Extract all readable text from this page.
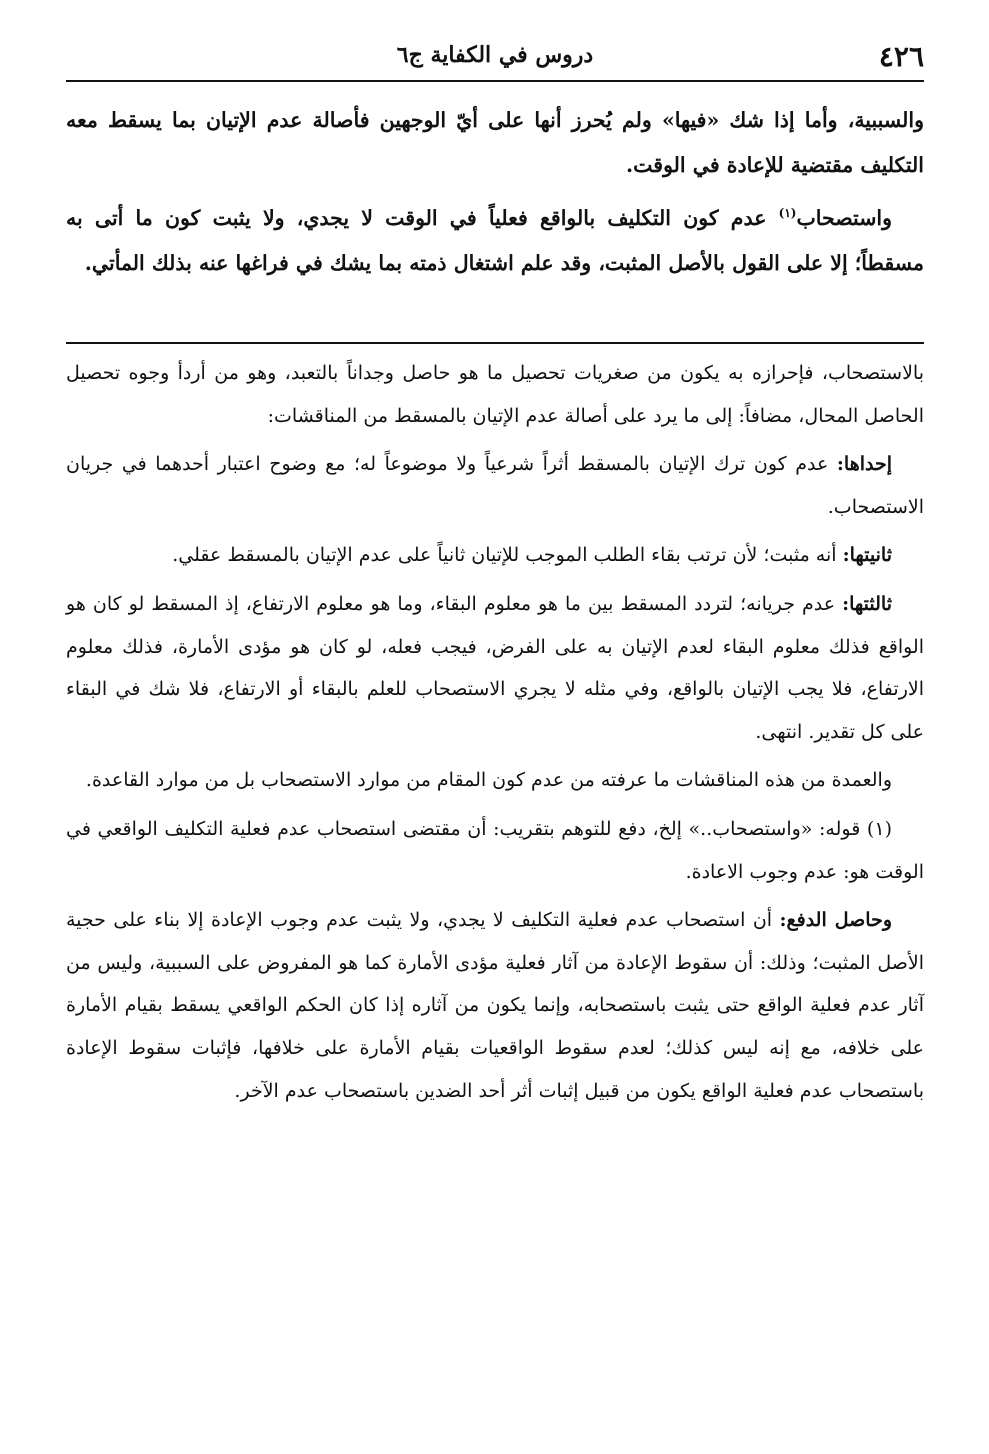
٤٢٦
دروس في الكفاية ج٦

والسببية، وأما إذا شك «فيها» ولم يُحرز أنها على أيّ الوجهين فأصالة عدم الإتيان بما يسقط معه التكليف مقتضية للإعادة في الوقت.

واستصحاب$^{(١)}$ عدم كون التكليف بالواقع فعلياً في الوقت لا يجدي، ولا يثبت كون ما أتى به مسقطاً؛ إلا على القول بالأصل المثبت، وقد علم اشتغال ذمته بما يشك في فراغها عنه بذلك المأتي.

بالاستصحاب، فإحرازه به يكون من صغريات تحصيل ما هو حاصل وجداناً بالتعبد، وهو من أردأ وجوه تحصيل الحاصل المحال، مضافاً: إلى ما يرد على أصالة عدم الإتيان بالمسقط من المناقشات:

إحداها: عدم كون ترك الإتيان بالمسقط أثراً شرعياً ولا موضوعاً له؛ مع وضوح اعتبار أحدهما في جريان الاستصحاب.

ثانيتها: أنه مثبت؛ لأن ترتب بقاء الطلب الموجب للإتيان ثانياً على عدم الإتيان بالمسقط عقلي.

ثالثتها: عدم جريانه؛ لتردد المسقط بين ما هو معلوم البقاء، وما هو معلوم الارتفاع، إذ المسقط لو كان هو الواقع فذلك معلوم البقاء لعدم الإتيان به على الفرض، فيجب فعله، لو كان هو مؤدى الأمارة، فذلك معلوم الارتفاع، فلا يجب الإتيان بالواقع، وفي مثله لا يجري الاستصحاب للعلم بالبقاء أو الارتفاع، فلا شك في البقاء على كل تقدير. انتهى.

والعمدة من هذه المناقشات ما عرفته من عدم كون المقام من موارد الاستصحاب بل من موارد القاعدة.

(١) قوله: «واستصحاب..» إلخ، دفع للتوهم بتقريب: أن مقتضى استصحاب عدم فعلية التكليف الواقعي في الوقت هو: عدم وجوب الاعادة.

وحاصل الدفع: أن استصحاب عدم فعلية التكليف لا يجدي، ولا يثبت عدم وجوب الإعادة إلا بناء على حجية الأصل المثبت؛ وذلك: أن سقوط الإعادة من آثار فعلية مؤدى الأمارة كما هو المفروض على السببية، وليس من آثار عدم فعلية الواقع حتى يثبت باستصحابه، وإنما يكون من آثاره إذا كان الحكم الواقعي يسقط بقيام الأمارة على خلافه، مع إنه ليس كذلك؛ لعدم سقوط الواقعيات بقيام الأمارة على خلافها، فإثبات سقوط الإعادة باستصحاب عدم فعلية الواقع يكون من قبيل إثبات أثر أحد الضدين باستصحاب عدم الآخر.
